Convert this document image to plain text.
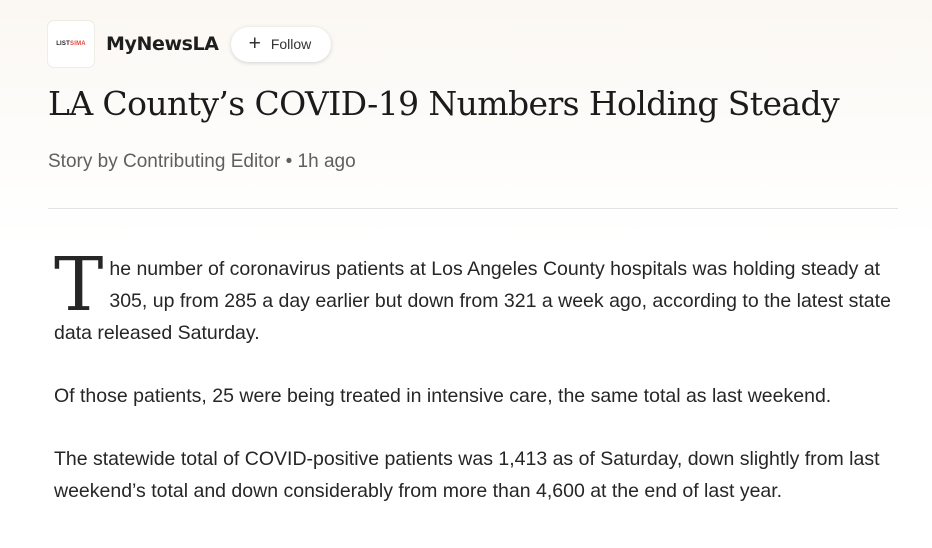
LIST SIMA MyNewsLA + Follow
LA County’s COVID-19 Numbers Holding Steady
Story by Contributing Editor • 1h ago

The number of coronavirus patients at Los Angeles County hospitals was holding steady at 305, up from 285 a day earlier but down from 321 a week ago, according to the latest state data released Saturday.

Of those patients, 25 were being treated in intensive care, the same total as last weekend.

The statewide total of COVID-positive patients was 1,413 as of Saturday, down slightly from last weekend’s total and down considerably from more than 4,600 at the end of last year.
